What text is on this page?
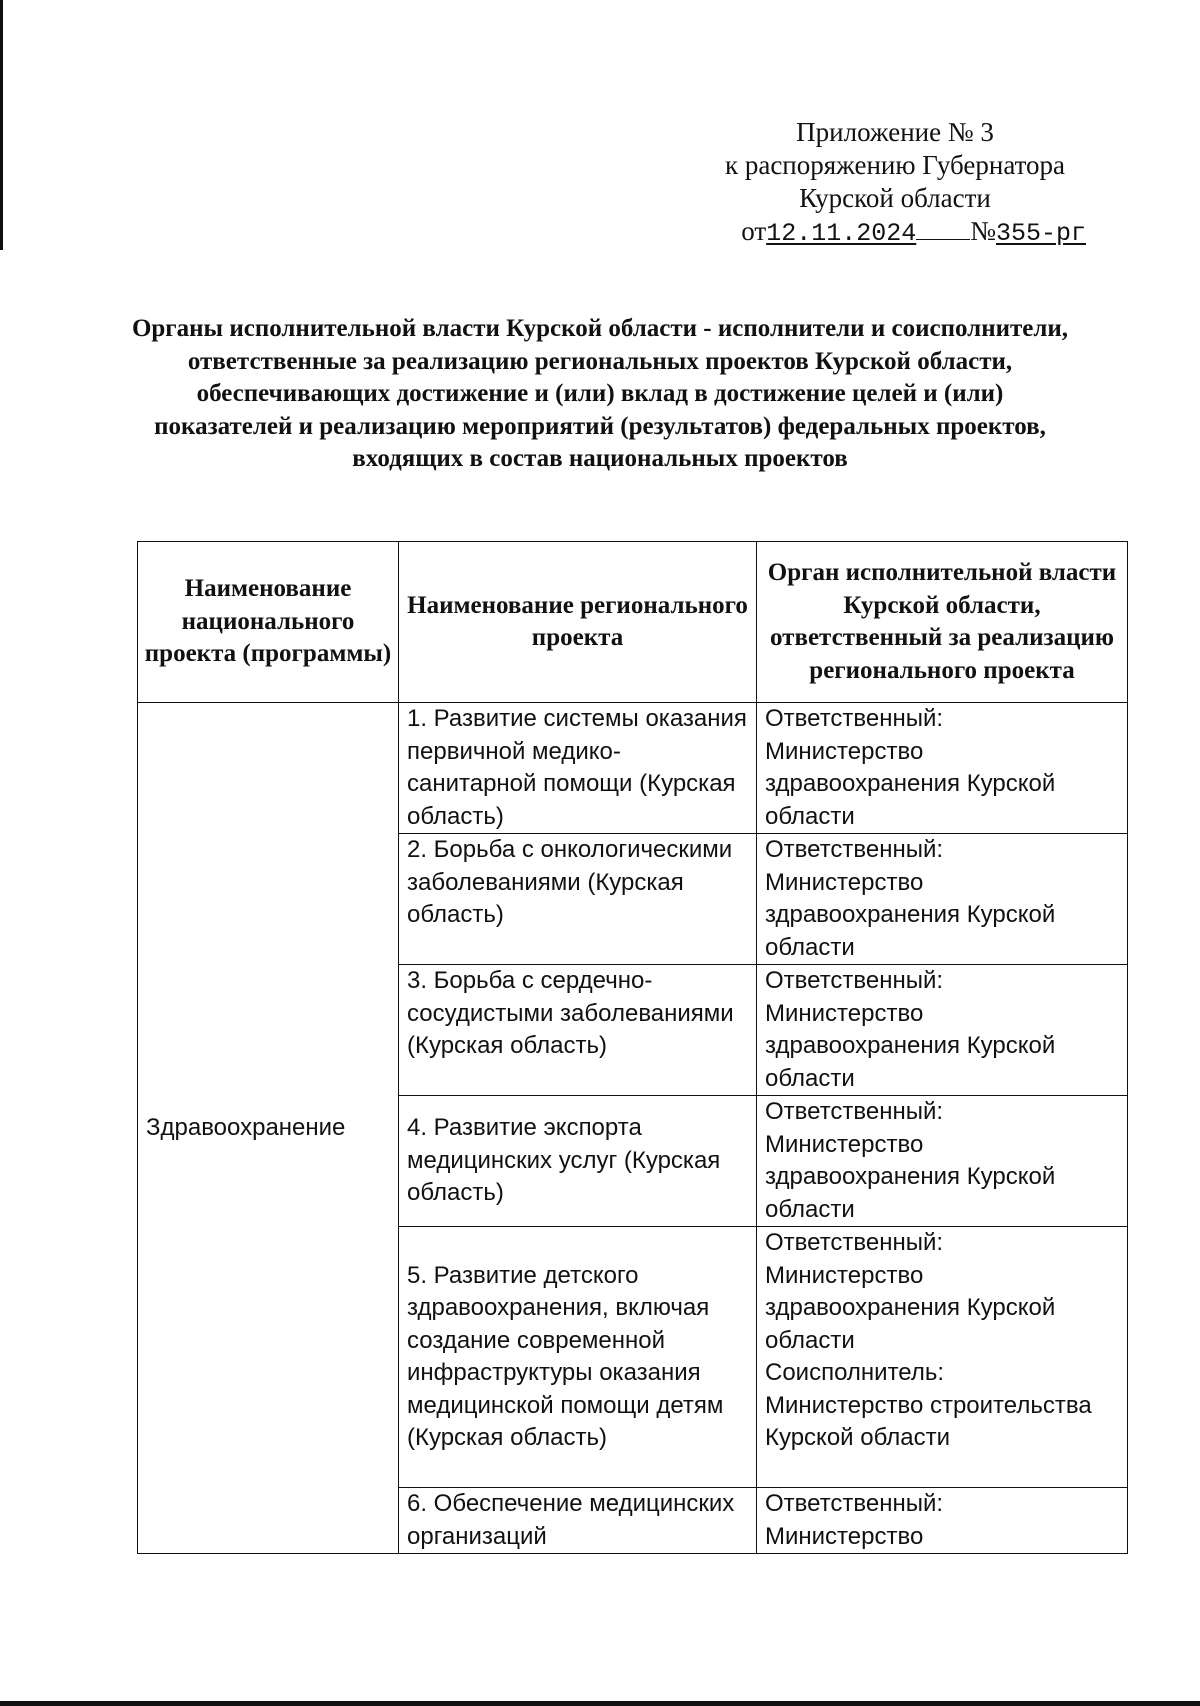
Приложение № 3
к распоряжению Губернатора
Курской области
от12.11.2024 №355-рг
Органы исполнительной власти Курской области - исполнители и соисполнители, ответственные за реализацию региональных проектов Курской области, обеспечивающих достижение и (или) вклад в достижение целей и (или) показателей и реализацию мероприятий (результатов) федеральных проектов, входящих в состав национальных проектов
Наименование национального проекта (программы)	Наименование регионального проекта	Орган исполнительной власти Курской области, ответственный за реализацию регионального проекта
Здравоохранение	1. Развитие системы оказания первичной медико-санитарной помощи (Курская область)	Ответственный:
Министерство здравоохранения Курской области
	2. Борьба с онкологическими заболеваниями (Курская область)	Ответственный:
Министерство здравоохранения Курской области
	3. Борьба с сердечно-сосудистыми заболеваниями (Курская область)	Ответственный:
Министерство здравоохранения Курской области
	4. Развитие экспорта медицинских услуг (Курская область)	Ответственный:
Министерство здравоохранения Курской области
	5. Развитие детского здравоохранения, включая создание современной инфраструктуры оказания медицинской помощи детям (Курская область)	Ответственный:
Министерство здравоохранения Курской области
Соисполнитель:
Министерство строительства Курской области
	6. Обеспечение медицинских организаций	Ответственный:
Министерство
